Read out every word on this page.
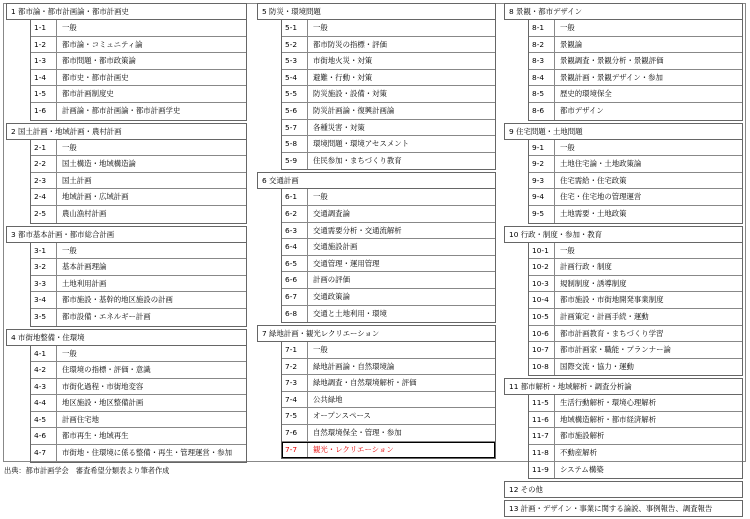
1 都市論・都市計画論・都市計画史
1-1	一般
1-2	都市論・コミュニティ論
1-3	都市問題・都市政策論
1-4	都市史・都市計画史
1-5	都市計画制度史
1-6	計画論・都市計画論・都市計画学史
2 国土計画・地域計画・農村計画
2-1	一般
2-2	国土構造・地域構造論
2-3	国土計画
2-4	地域計画・広域計画
2-5	農山漁村計画
3 都市基本計画・都市総合計画
3-1	一般
3-2	基本計画理論
3-3	土地利用計画
3-4	都市施設・基幹的地区施設の計画
3-5	都市設備・エネルギー計画
4 市街地整備・住環境
4-1	一般
4-2	住環境の指標・評価・意識
4-3	市街化過程・市街地変容
4-4	地区施設・地区整備計画
4-5	計画住宅地
4-6	都市再生・地域再生
4-7	市街地・住環境に係る整備・再生・管理運営・参加
5 防災・環境問題
5-1	一般
5-2	都市防災の指標・評価
5-3	市街地火災・対策
5-4	避難・行動・対策
5-5	防災施設・設備・対策
5-6	防災計画論・復興計画論
5-7	各種災害・対策
5-8	環境問題・環境アセスメント
5-9	住民参加・まちづくり教育
6 交通計画
6-1	一般
6-2	交通調査論
6-3	交通需要分析・交通流解析
6-4	交通施設計画
6-5	交通管理・運用管理
6-6	計画の評価
6-7	交通政策論
6-8	交通と土地利用・環境
7 緑地計画・観光レクリエーション
7-1	一般
7-2	緑地計画論・自然環境論
7-3	緑地調査・自然環境解析・評価
7-4	公共緑地
7-5	オープンスペース
7-6	自然環境保全・管理・参加
7-7	観光・レクリエーション
8 景観・都市デザイン
8-1	一般
8-2	景観論
8-3	景観調査・景観分析・景観評価
8-4	景観計画・景観デザイン・参加
8-5	歴史的環境保全
8-6	都市デザイン
9 住宅問題・土地問題
9-1	一般
9-2	土地住宅論・土地政策論
9-3	住宅需給・住宅政策
9-4	住宅・住宅地の管理運営
9-5	土地需要・土地政策
10 行政・制度・参加・教育
10-1	一般
10-2	計画行政・制度
10-3	規制制度・誘導制度
10-4	都市施設・市街地開発事業制度
10-5	計画策定・計画手続・運動
10-6	都市計画教育・まちづくり学習
10-7	都市計画家・職能・プランナー論
10-8	国際交流・協力・運動
11 都市解析・地域解析・調査分析論
11-5	生活行動解析・環境心理解析
11-6	地域構造解析・都市経済解析
11-7	都市施設解析
11-8	不動産解析
11-9	システム構築
12 その他
13 計画・デザイン・事業に関する論説、事例報告、調査報告
出典：都市計画学会　審査希望分類表より筆者作成
